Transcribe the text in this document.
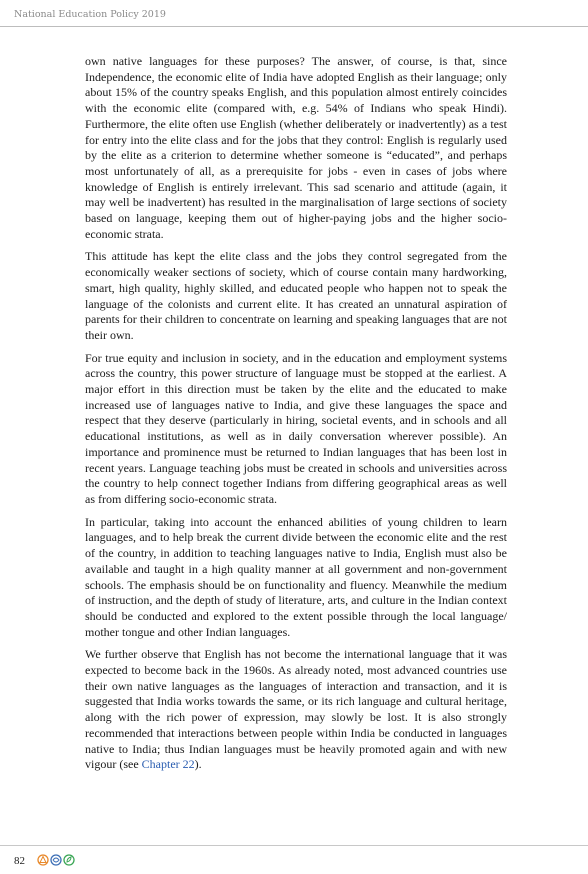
National Education Policy 2019

own native languages for these purposes? The answer, of course, is that, since Independence, the economic elite of India have adopted English as their language; only about 15% of the country speaks English, and this population almost entirely coincides with the economic elite (compared with, e.g. 54% of Indians who speak Hindi). Furthermore, the elite often use English (whether deliberately or inadvertently) as a test for entry into the elite class and for the jobs that they control: English is regularly used by the elite as a criterion to determine whether someone is “educated”, and perhaps most unfortunately of all, as a prerequisite for jobs - even in cases of jobs where knowledge of English is entirely irrelevant. This sad scenario and attitude (again, it may well be inadvertent) has resulted in the marginalisation of large sections of society based on language, keeping them out of higher-paying jobs and the higher socio-economic strata.

This attitude has kept the elite class and the jobs they control segregated from the economically weaker sections of society, which of course contain many hardworking, smart, high quality, highly skilled, and educated people who happen not to speak the language of the colonists and current elite. It has created an unnatural aspiration of parents for their children to concentrate on learning and speaking languages that are not their own.

For true equity and inclusion in society, and in the education and employment systems across the country, this power structure of language must be stopped at the earliest. A major effort in this direction must be taken by the elite and the educated to make increased use of languages native to India, and give these languages the space and respect that they deserve (particularly in hiring, societal events, and in schools and all educational institutions, as well as in daily conversation wherever possible). An importance and prominence must be returned to Indian languages that has been lost in recent years. Language teaching jobs must be created in schools and universities across the country to help connect together Indians from differing geographical areas as well as from differing socio-economic strata.

In particular, taking into account the enhanced abilities of young children to learn languages, and to help break the current divide between the economic elite and the rest of the country, in addition to teaching languages native to India, English must also be available and taught in a high quality manner at all government and non-government schools. The emphasis should be on functionality and fluency. Meanwhile the medium of instruction, and the depth of study of literature, arts, and culture in the Indian context should be conducted and explored to the extent possible through the local language/ mother tongue and other Indian languages.

We further observe that English has not become the international language that it was expected to become back in the 1960s. As already noted, most advanced countries use their own native languages as the languages of interaction and transaction, and it is suggested that India works towards the same, or its rich language and cultural heritage, along with the rich power of expression, may slowly be lost. It is also strongly recommended that interactions between people within India be conducted in languages native to India; thus Indian languages must be heavily promoted again and with new vigour (see Chapter 22).

82
